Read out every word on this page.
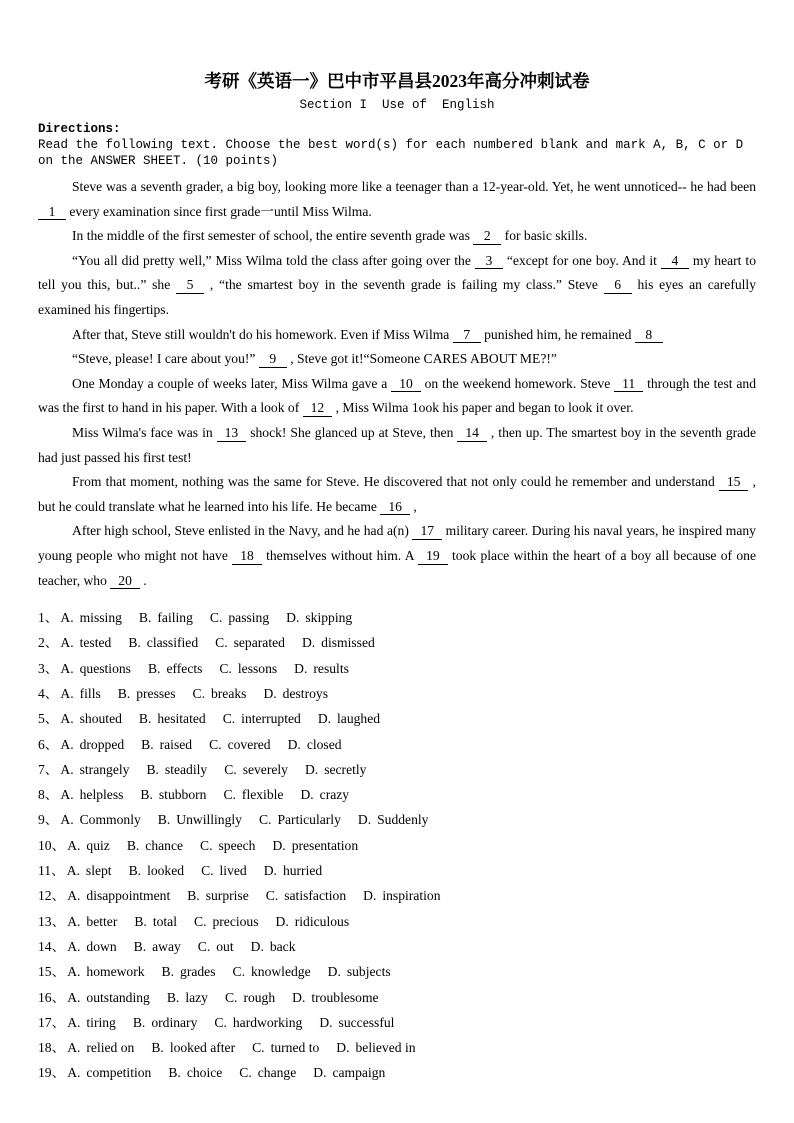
考研《英语一》巴中市平昌县2023年高分冲刺试卷
Section I  Use of  English
Directions:
Read the following text. Choose the best word(s) for each numbered blank and mark A, B, C or D on the ANSWER SHEET. (10 points)

Steve was a seventh grader, a big boy, looking more like a teenager than a 12-year-old. Yet, he went unnoticed-- he had been 1 every examination since first grade一until Miss Wilma.

In the middle of the first semester of school, the entire seventh grade was 2 for basic skills.

“You all did pretty well,” Miss Wilma told the class after going over the 3 “except for one boy. And it 4 my heart to tell you this, but..” she 5 , “the smartest boy in the seventh grade is failing my class.” Steve 6 his eyes an carefully examined his fingertips.

After that, Steve still wouldn't do his homework. Even if Miss Wilma 7 punished him, he remained 8

“Steve, please! I care about you!” 9 , Steve got it!“Someone CARES ABOUT ME?!”

One Monday a couple of weeks later, Miss Wilma gave a 10 on the weekend homework. Steve 11 through the test and was the first to hand in his paper. With a look of 12 , Miss Wilma 1ook his paper and began to look it over.

Miss Wilma's face was in 13 shock! She glanced up at Steve, then 14 , then up. The smartest boy in the seventh grade had just passed his first test!

From that moment, nothing was the same for Steve. He discovered that not only could he remember and understand 15 , but he could translate what he learned into his life. He became 16 ,

After high school, Steve enlisted in the Navy, and he had a(n) 17 military career. During his naval years, he inspired many young people who might not have 18 themselves without him. A 19 took place within the heart of a boy all because of one teacher, who 20 .

1、 A. missing B. failing C. passing D. skipping
2、 A. tested B. classified C. separated D. dismissed
3、 A. questions B. effects C. lessons D. results
4、 A. fills B. presses C. breaks D. destroys
5、 A. shouted B. hesitated C. interrupted D. laughed
6、 A. dropped B. raised C. covered D. closed
7、 A. strangely B. steadily C. severely D. secretly
8、 A. helpless B. stubborn C. flexible D. crazy
9、 A. Commonly B. Unwillingly C. Particularly D. Suddenly
10、 A. quiz B. chance C. speech D. presentation
11、 A. slept B. looked C. lived D. hurried
12、 A. disappointment B. surprise C. satisfaction D. inspiration
13、 A. better B. total C. precious D. ridiculous
14、 A. down B. away C. out D. back
15、 A. homework B. grades C. knowledge D. subjects
16、 A. outstanding B. lazy C. rough D. troublesome
17、 A. tiring B. ordinary C. hardworking D. successful
18、 A. relied on B. looked after C. turned to D. believed in
19、 A. competition B. choice C. change D. campaign
